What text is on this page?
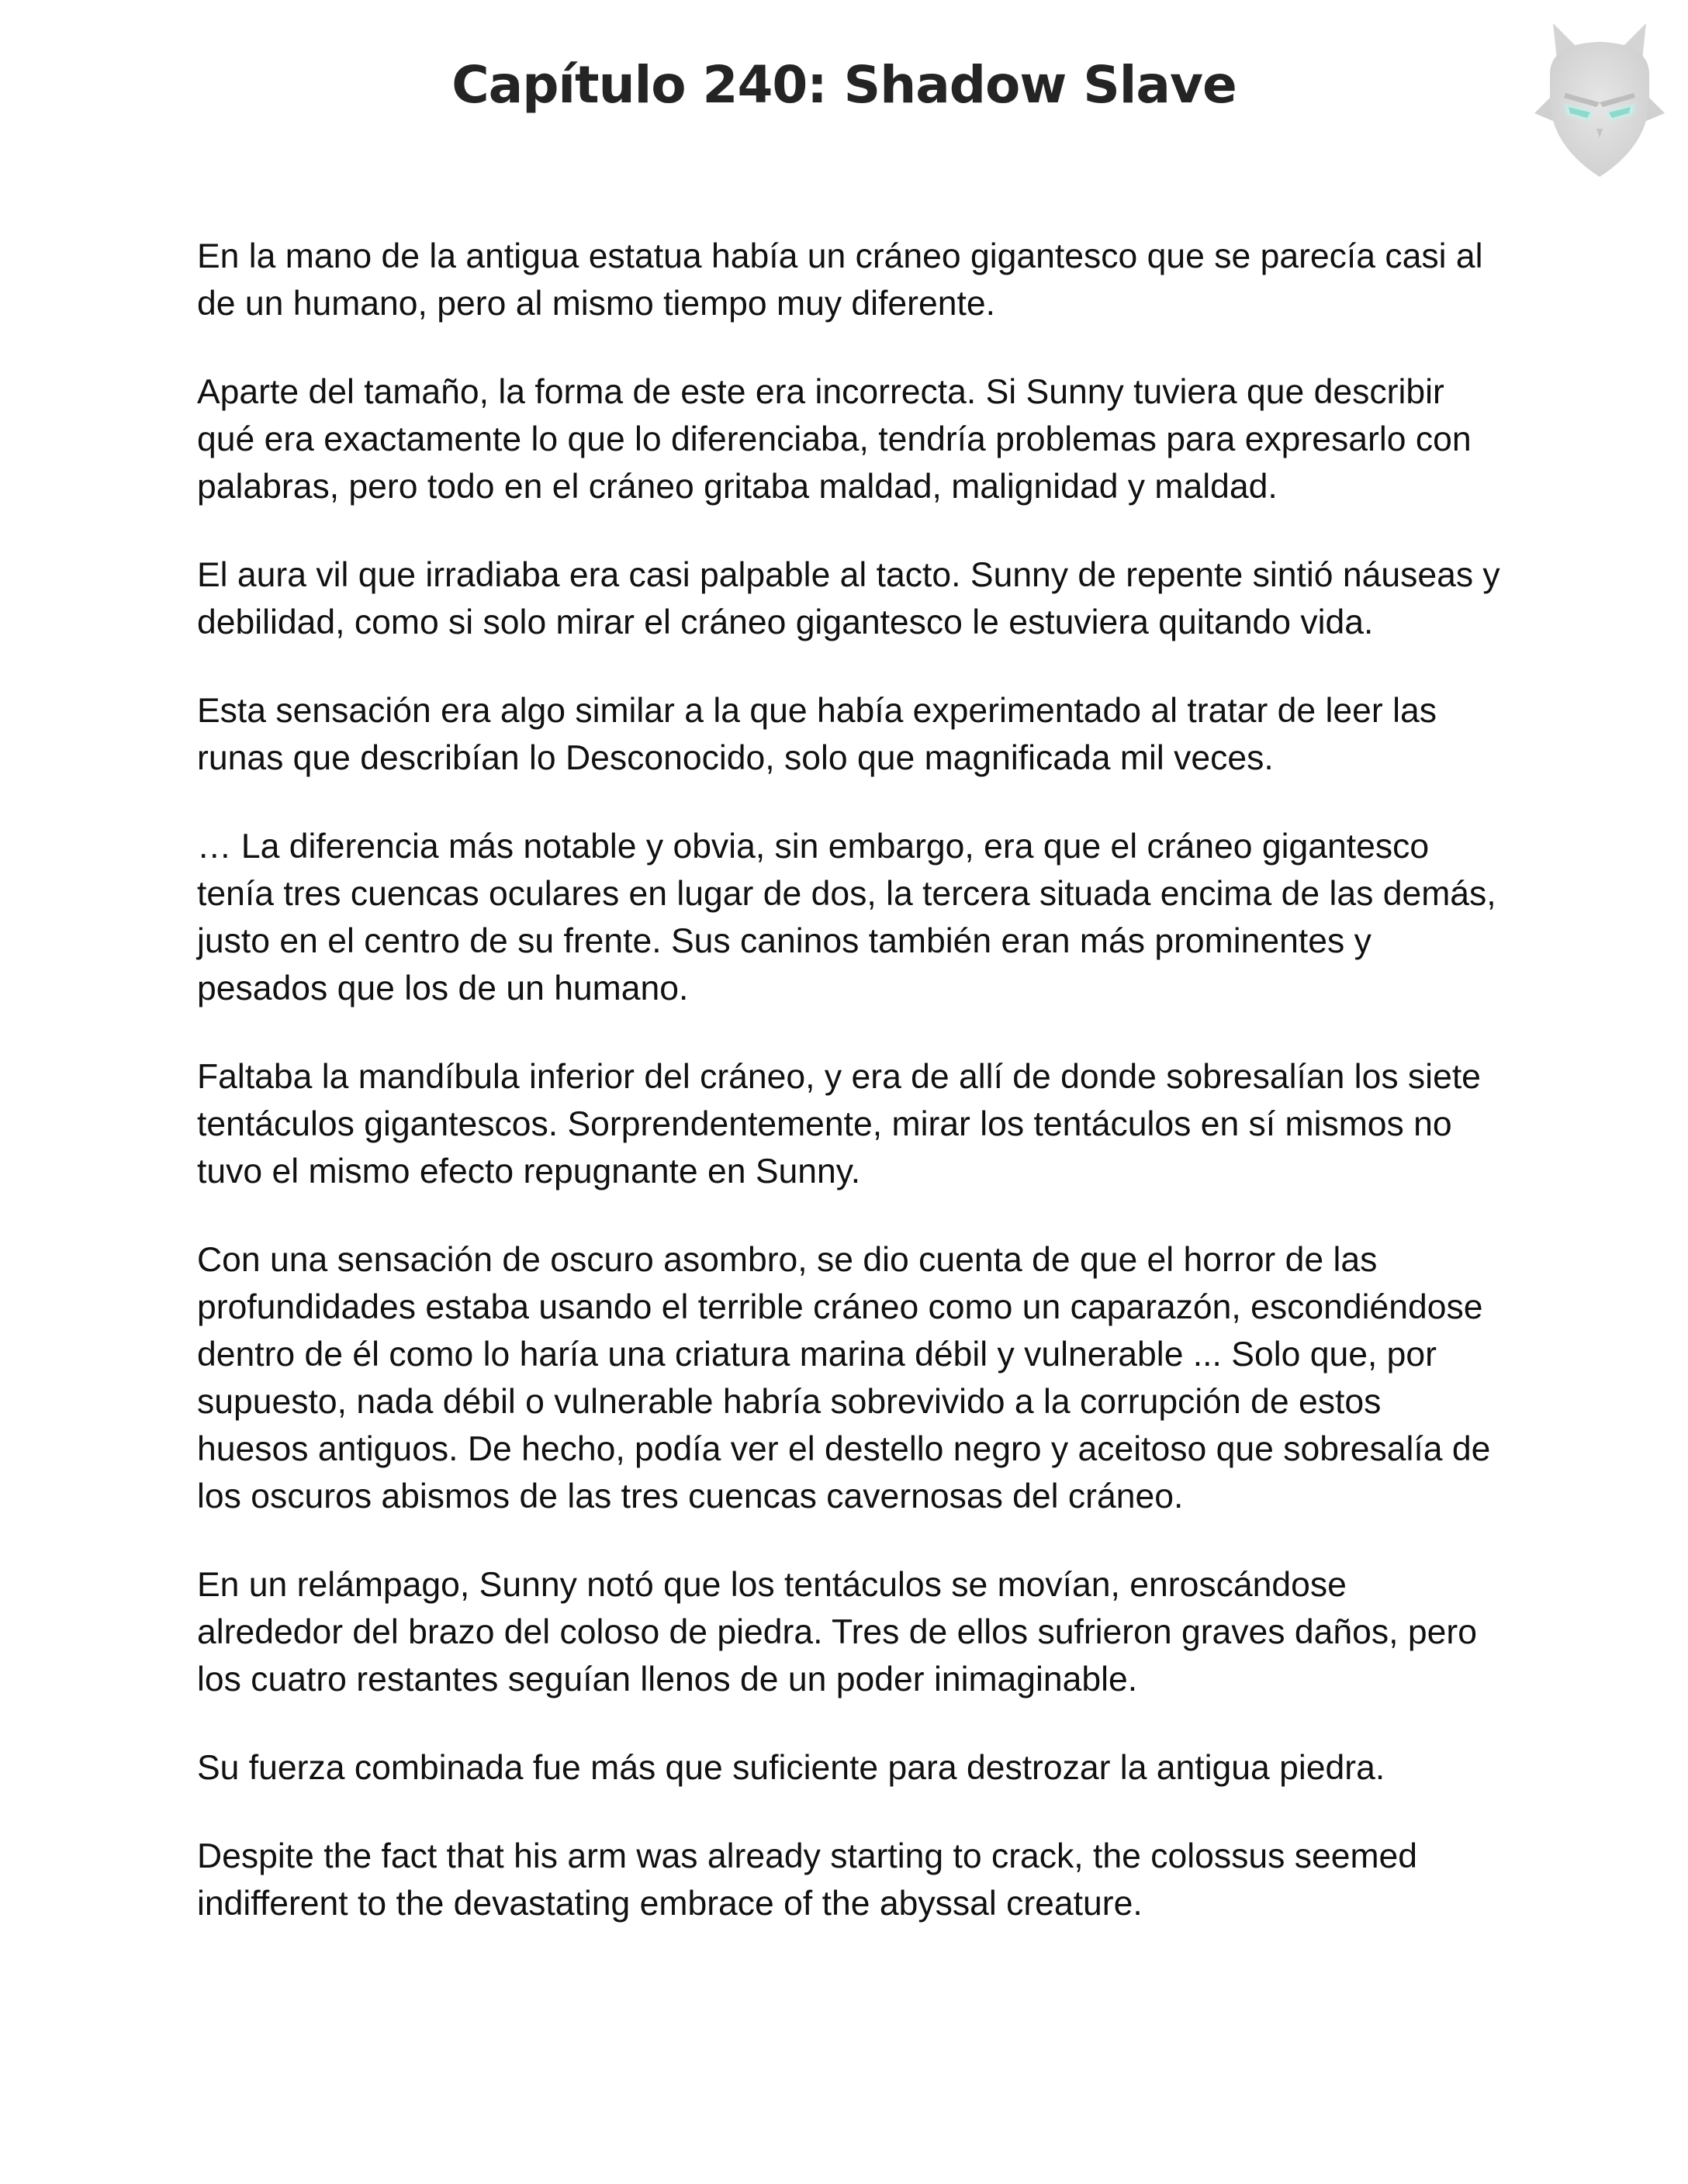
Capítulo 240: Shadow Slave

En la mano de la antigua estatua había un cráneo gigantesco que se parecía casi al de un humano, pero al mismo tiempo muy diferente.

Aparte del tamaño, la forma de este era incorrecta. Si Sunny tuviera que describir qué era exactamente lo que lo diferenciaba, tendría problemas para expresarlo con palabras, pero todo en el cráneo gritaba maldad, malignidad y maldad.

El aura vil que irradiaba era casi palpable al tacto. Sunny de repente sintió náuseas y debilidad, como si solo mirar el cráneo gigantesco le estuviera quitando vida.

Esta sensación era algo similar a la que había experimentado al tratar de leer las runas que describían lo Desconocido, solo que magnificada mil veces.

… La diferencia más notable y obvia, sin embargo, era que el cráneo gigantesco tenía tres cuencas oculares en lugar de dos, la tercera situada encima de las demás, justo en el centro de su frente. Sus caninos también eran más prominentes y pesados que los de un humano.

Faltaba la mandíbula inferior del cráneo, y era de allí de donde sobresalían los siete tentáculos gigantescos. Sorprendentemente, mirar los tentáculos en sí mismos no tuvo el mismo efecto repugnante en Sunny.

Con una sensación de oscuro asombro, se dio cuenta de que el horror de las profundidades estaba usando el terrible cráneo como un caparazón, escondiéndose dentro de él como lo haría una criatura marina débil y vulnerable ... Solo que, por supuesto, nada débil o vulnerable habría sobrevivido a la corrupción de estos huesos antiguos. De hecho, podía ver el destello negro y aceitoso que sobresalía de los oscuros abismos de las tres cuencas cavernosas del cráneo.

En un relámpago, Sunny notó que los tentáculos se movían, enroscándose alrededor del brazo del coloso de piedra. Tres de ellos sufrieron graves daños, pero los cuatro restantes seguían llenos de un poder inimaginable.

Su fuerza combinada fue más que suficiente para destrozar la antigua piedra.

Despite the fact that his arm was already starting to crack, the colossus seemed indifferent to the devastating embrace of the abyssal creature.
